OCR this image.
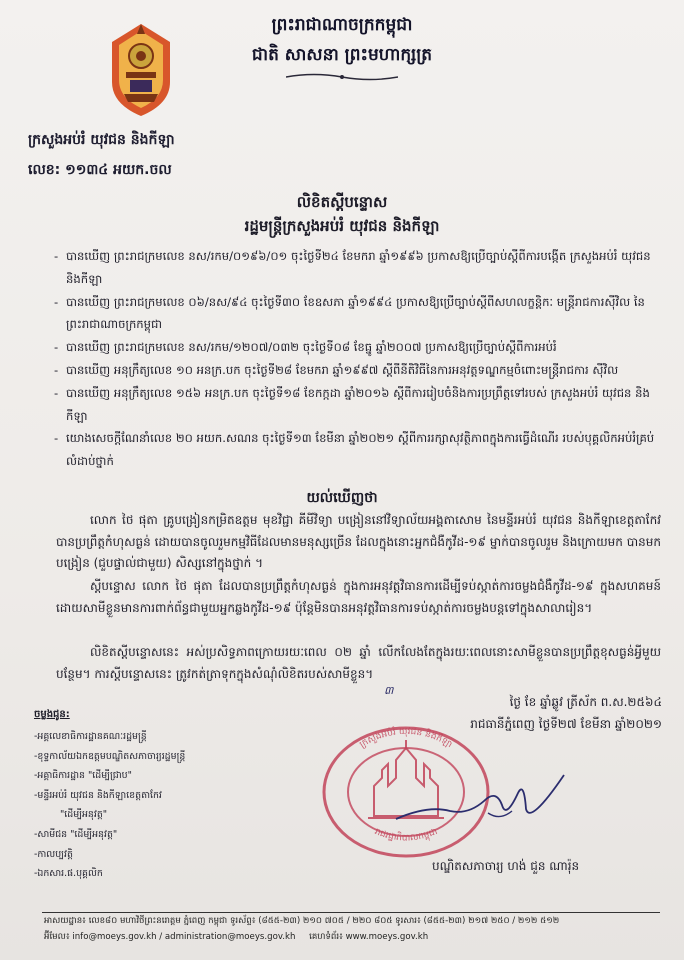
ព្រះរាជាណាចក្រកម្ពុជា
ជាតិ សាសនា ព្រះមហាក្សត្រ
ក្រសួងអប់រំ យុវជន និងកីឡា
លេខ: ១១៣៤ អយក.ចល
លិខិតស្តីបន្ទោស
រដ្ឋមន្ត្រីក្រសួងអប់រំ យុវជន និងកីឡា

- បានឃើញ ព្រះរាជក្រមលេខ នស/រកម/០១៩៦/០១ ចុះថ្ងៃទី២៤ ខែមករា ឆ្នាំ១៩៩៦ ប្រកាសឱ្យប្រើច្បាប់ស្តីពីការបង្កើត ក្រសួងអប់រំ យុវជន និងកីឡា

- បានឃើញ ព្រះរាជក្រមលេខ ០៦/នស/៩៤ ចុះថ្ងៃទី៣០ ខែឧសភា ឆ្នាំ១៩៩៤ ប្រកាសឱ្យប្រើច្បាប់ស្តីពីសហលក្ខន្តិកៈ មន្ត្រីរាជការស៊ីវិល នៃព្រះរាជាណាចក្រកម្ពុជា

- បានឃើញ ព្រះរាជក្រមលេខ នស/រកម/១២០៧/០៣២ ចុះថ្ងៃទី០៨ ខែធ្នូ ឆ្នាំ២០០៧ ប្រកាសឱ្យប្រើច្បាប់ស្តីពីការអប់រំ

- បានឃើញ អនុក្រឹត្យលេខ ១០ អនក្រ.បក ចុះថ្ងៃទី២៨ ខែមករា ឆ្នាំ១៩៩៧ ស្តីពីនីតិវិធីនៃការអនុវត្តទណ្ឌកម្មចំពោះមន្ត្រីរាជការ ស៊ីវិល

- បានឃើញ អនុក្រឹត្យលេខ ១៥៦ អនក្រ.បក ចុះថ្ងៃទី១៨ ខែកក្កដា ឆ្នាំ២០១៦ ស្តីពីការរៀបចំនិងការប្រព្រឹត្តទៅរបស់ ក្រសួងអប់រំ យុវជន និងកីឡា

- យោងសេចក្តីណែនាំលេខ ២០ អយក.សណន ចុះថ្ងៃទី១៣ ខែមីនា ឆ្នាំ២០២១ ស្តីពីការរក្សាសុវត្ថិភាពក្នុងការធ្វើដំណើរ របស់បុគ្គលិកអប់រំគ្រប់លំដាប់ថ្នាក់

យល់ឃើញថា
លោក ថៃ ផុតា គ្រូបង្រៀនកម្រិតឧត្តម មុខវិជ្ជា គីមីវិទ្យា បង្រៀននៅវិទ្យាល័យអង្គតាសោម នៃមន្ទីរអប់រំ យុវជន និងកីឡាខេត្តតាកែវ បានប្រព្រឹត្តកំហុសធ្ងន់ ដោយបានចូលរួមកម្មវិធីដែលមានមនុស្សច្រើន ដែលក្នុងនោះអ្នកជំងឺកូវីដ-១៩ ម្នាក់បានចូលរួម និងក្រោយមក បានមកបង្រៀន (ជួបផ្ទាល់ជាមួយ) សិស្សនៅក្នុងថ្នាក់ ។
ស្តីបន្ទោស លោក ថៃ ផុតា ដែលបានប្រព្រឹត្តកំហុសធ្ងន់ ក្នុងការអនុវត្តវិធានការដើម្បីទប់ស្កាត់ការចម្លងជំងឺកូវីដ-១៩ ក្នុងសហគមន៍ ដោយសាមីខ្លួនមានការពាក់ព័ន្ធជាមួយអ្នកឆ្លងកូវីដ-១៩ ប៉ុន្តែមិនបានអនុវត្តវិធានការទប់ស្កាត់ការចម្លងបន្តទៅក្នុងសាលារៀន។
លិខិតស្តីបន្ទោសនេះ អស់ប្រសិទ្ធភាពក្រោយរយៈពេល ០២ ឆ្នាំ លើកលែងតែក្នុងរយៈពេលនោះសាមីខ្លួនបានប្រព្រឹត្តខុសធ្ងន់អ្វីមួយបន្ថែម។ ការស្តីបន្ទោសនេះ ត្រូវកត់ត្រាទុកក្នុងសំណុំលិខិតរបស់សាមីខ្លួន។
ថ្ងៃ ខែ ឆ្នាំឆ្លូវ ត្រីស័ក ព.ស.២៥៦៤
រាជធានីភ្នំពេញ ថ្ងៃទី២៧ ខែមីនា ឆ្នាំ២០២១
៣
ក្រសួងអប់រំ យុវជន និងកីឡា
រាជរដ្ឋាភិបាលកម្ពុជា
បណ្ឌិតសភាចារ្យ ហង់ ជួន ណារ៉ុន
ចម្លងជូន:
-អគ្គលេខាធិការដ្ឋានគណៈរដ្ឋមន្ត្រី
-ខុទ្ទកាល័យឯកឧត្តមបណ្ឌិតសភាចារ្យរដ្ឋមន្ត្រី
-អគ្គាធិការដ្ឋាន "ដើម្បីជ្រាប"
-មន្ទីរអប់រំ យុវជន និងកីឡាខេត្តតាកែវ
"ដើម្បីអនុវត្ត"
-សាមីជន "ដើម្បីអនុវត្ត"
-កាលប្បវត្តិ
-ឯកសារ.ផ.បុគ្គលិក
អាសយដ្ឋាន៖ លេខ៨០ មហាវិថីព្រះនរោត្តម ភ្នំពេញ កម្ពុជា ទូរស័ព្ទ៖ (៨៥៥-២៣) ២១០ ៧០៥ / ២២០ ៨០៥ ទូរសារ៖ (៨៥៥-២៣) ២១៧ ២៥០ / ២១២ ៥១២
អ៊ីមែល៖ info@moeys.gov.kh / administration@moeys.gov.kh គេហទំព័រ៖ www.moeys.gov.kh
